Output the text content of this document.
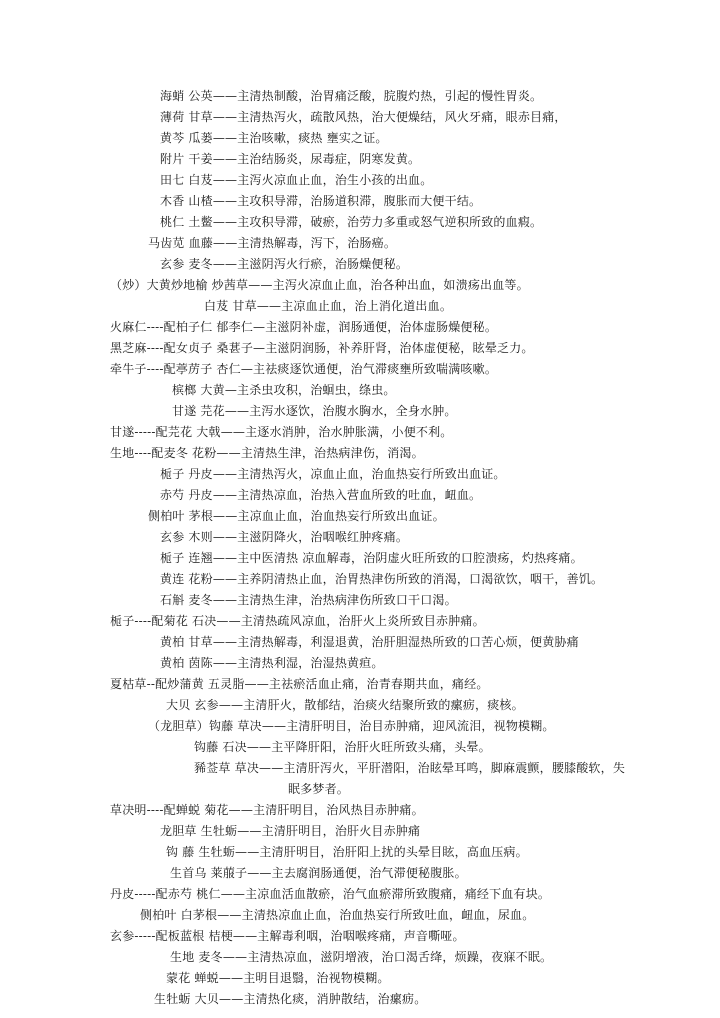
海蛸 公英——主清热制酸，治胃痛泛酸，脘腹灼热，引起的慢性胃炎。
薄荷 甘草——主清热泻火，疏散风热，治大便燥结，风火牙痛，眼赤目痛，
黄芩 瓜蒌——主治咳嗽，痰热 壅实之证。
附片 干姜——主治结肠炎，尿毒症，阴寒发黄。
田七 白芨——主泻火凉血止血，治生小孩的出血。
木香 山楂——主攻积导滞，治肠道积滞，腹胀而大便干结。
桃仁 土鳖——主攻积导滞，破瘀，治劳力多重或怒气逆积所致的血瘕。
马齿苋 血藤——主清热解毒，泻下，治肠癌。
玄参 麦冬——主滋阴泻火行瘀，治肠燥便秘。
（炒）大黄炒地榆 炒茜草——主泻火凉血止血，治各种出血，如溃疡出血等。
白芨 甘草——主凉血止血，治上消化道出血。
火麻仁----配柏子仁 郁李仁—主滋阴补虚，润肠通便，治体虚肠燥便秘。
黑芝麻----配女贞子 桑葚子—主滋阴润肠，补养肝肾，治体虚便秘，眩晕乏力。
牵牛子----配葶苈子 杏仁—主祛痰逐饮通便，治气滞痰壅所致喘满咳嗽。
槟榔 大黄—主杀虫攻积，治蛔虫，绦虫。
甘遂 芫花——主泻水逐饮，治腹水胸水，全身水肿。
甘遂-----配芫花 大戟——主逐水消肿，治水肿胀满，小便不利。
生地----配麦冬 花粉——主清热生津，治热病津伤，消渴。
栀子 丹皮——主清热泻火，凉血止血，治血热妄行所致出血证。
赤芍 丹皮——主清热凉血，治热入营血所致的吐血，衄血。
侧柏叶 茅根——主凉血止血，治血热妄行所致出血证。
玄参 木则——主滋阴降火，治咽喉红肿疼痛。
栀子 连翘——主中医清热 凉血解毒，治阴虚火旺所致的口腔溃疡，灼热疼痛。
黄连 花粉——主养阴清热止血，治胃热津伤所致的消渴，口渴欲饮，咽干，善饥。
石斛 麦冬——主清热生津，治热病津伤所致口干口渴。
栀子----配菊花 石决——主清热疏风凉血，治肝火上炎所致目赤肿痛。
黄柏 甘草——主清热解毒，利湿退黄，治肝胆湿热所致的口苦心烦，便黄胁痛
黄柏 茵陈——主清热利湿，治湿热黄疸。
夏枯草--配炒蒲黄 五灵脂——主祛瘀活血止痛，治青春期共血，痛经。
大贝 玄参——主清肝火，散郁结，治痰火结聚所致的瘰疬，痰核。
（龙胆草）钩藤 草决——主清肝明目，治目赤肿痛，迎风流泪，视物模糊。
钩藤 石决——主平降肝阳，治肝火旺所致头痛，头晕。
豨莶草 草决——主清肝泻火，平肝潜阳，治眩晕耳鸣，脚麻震颤，腰膝酸软，失
眠多梦者。
草决明----配蝉蜕 菊花——主清肝明目，治风热目赤肿痛。
龙胆草 生牡蛎——主清肝明目，治肝火目赤肿痛
钩 藤 生牡蛎——主清肝明目，治肝阳上扰的头晕目眩，高血压病。
生首乌 莱菔子——主去腐润肠通便，治气滞便秘腹胀。
丹皮-----配赤芍 桃仁——主凉血活血散瘀，治气血瘀滞所致腹痛，痛经下血有块。
侧柏叶 白茅根——主清热凉血止血，治血热妄行所致吐血，衄血，尿血。
玄参-----配板蓝根 桔梗——主解毒利咽，治咽喉疼痛，声音嘶哑。
生地 麦冬——主清热凉血，滋阴增液，治口渴舌绛，烦躁，夜寐不眠。
蒙花 蝉蜕——主明目退翳，治视物模糊。
生牡蛎 大贝——主清热化痰，消肿散结，治瘰疬。
